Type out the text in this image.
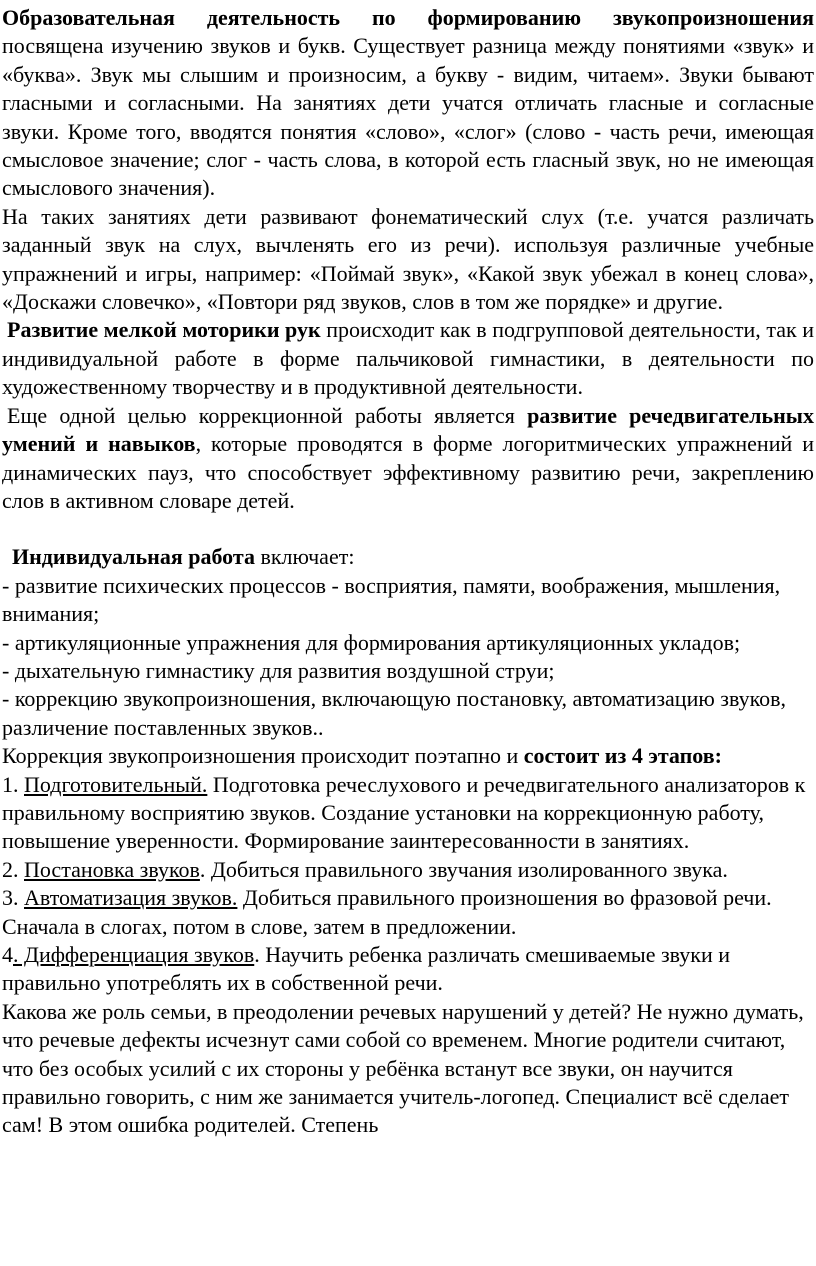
Образовательная деятельность по формированию звукопроизношения посвящена изучению звуков и букв. Существует разница между понятиями «звук» и «буква». Звук мы слышим и произносим, а букву - видим, читаем». Звуки бывают гласными и согласными. На занятиях дети учатся отличать гласные и согласные звуки. Кроме того, вводятся понятия «слово», «слог» (слово - часть речи, имеющая смысловое значение; слог - часть слова, в которой есть гласный звук, но не имеющая смыслового значения).

На таких занятиях дети развивают фонематический слух (т.е. учатся различать заданный звук на слух, вычленять его из речи). используя различные учебные упражнений и игры, например: «Поймай звук», «Какой звук убежал в конец слова», «Доскажи словечко», «Повтори ряд звуков, слов в том же порядке» и другие.

Развитие мелкой моторики рук происходит как в подгрупповой деятельности, так и индивидуальной работе в форме пальчиковой гимнастики, в деятельности по художественному творчеству и в продуктивной деятельности.

Еще одной целью коррекционной работы является развитие речедвигательных умений и навыков, которые проводятся в форме логоритмических упражнений и динамических пауз, что способствует эффективному развитию речи, закреплению слов в активном словаре детей.

Индивидуальная работа включает:

- развитие психических процессов - восприятия, памяти, воображения, мышления, внимания;

- артикуляционные упражнения для формирования артикуляционных укладов;

- дыхательную гимнастику для развития воздушной струи;

- коррекцию звукопроизношения, включающую постановку, автоматизацию звуков, различение поставленных звуков..

Коррекция звукопроизношения происходит поэтапно и состоит из 4 этапов:

1. Подготовительный. Подготовка речеслухового и речедвигательного анализаторов к правильному восприятию звуков. Создание установки на коррекционную работу, повышение уверенности. Формирование заинтересованности в занятиях.

2. Постановка звуков. Добиться правильного звучания изолированного звука.

3. Автоматизация звуков. Добиться правильного произношения во фразовой речи. Сначала в слогах, потом в слове, затем в предложении.

4. Дифференциация звуков. Научить ребенка различать смешиваемые звуки и правильно употреблять их в собственной речи.

Какова же роль семьи, в преодолении речевых нарушений у детей? Не нужно думать, что речевые дефекты исчезнут сами собой со временем. Многие родители считают, что без особых усилий с их стороны у ребёнка встанут все звуки, он научится правильно говорить, с ним же занимается учитель-логопед. Специалист всё сделает сам! В этом ошибка родителей. Степень
